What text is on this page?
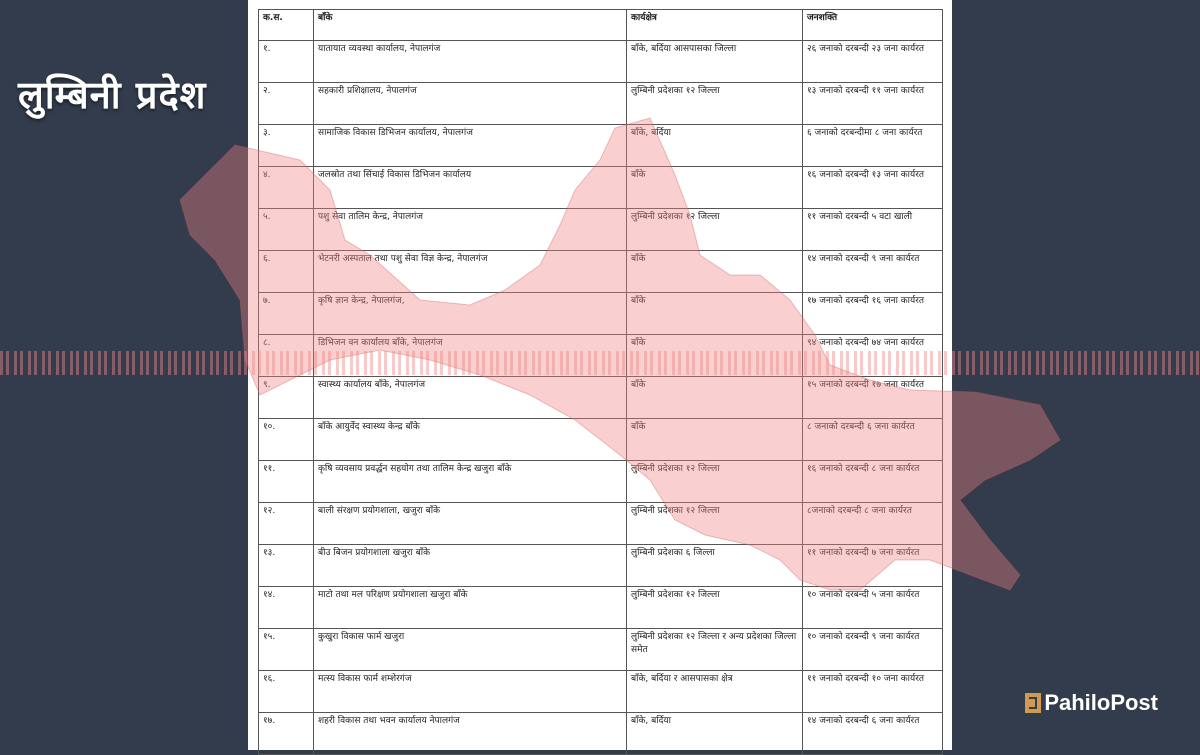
लुम्बिनी प्रदेश
क.स.	बाँके	कार्यक्षेत्र	जनशक्ति
१.	यातायात व्यवस्था कार्यालय, नेपालगंज	बाँके, बर्दिया आसपासका जिल्ला	२६ जनाको दरबन्दी २३ जना कार्यरत
२.	सहकारी प्रशिक्षालय, नेपालगंज	लुम्बिनी प्रदेशका १२ जिल्ला	१३ जनाको दरबन्दी ११ जना कार्यरत
३.	सामाजिक विकास डिभिजन कार्यालय, नेपालगंज	बाँके, बर्दिया	६ जनाको दरबन्दीमा ८ जना कार्यरत
४.	जलस्रोत तथा सिंचाई विकास डिभिजन कार्यालय	बाँके	१६ जनाको दरबन्दी १३ जना कार्यरत
५.	पशु सेवा तालिम केन्द्र, नेपालगंज	लुम्बिनी प्रदेशका १२ जिल्ला	११ जनाको दरबन्दी ५ वटा खाली
६.	भेटनरी अस्पताल तथा पशु सेवा विज्ञ केन्द्र, नेपालगंज	बाँके	१४ जनाको दरबन्दी ९ जना कार्यरत
७.	कृषि ज्ञान केन्द्र, नेपालगंज,	बाँके	१७ जनाको दरबन्दी १६ जना कार्यरत
८.	डिभिजन वन कार्यालय बाँके, नेपालगंज	बाँके	९४ जनाको दरबन्दी ७४ जना कार्यरत
९.	स्वास्थ्य कार्यालय बाँके, नेपालगंज	बाँके	१५ जनाको दरबन्दी १७ जना कार्यरत
१०.	बाँके आयुर्वेद स्वास्थ्य केन्द्र बाँके	बाँके	८ जनाको दरबन्दी ६ जना कार्यरत
११.	कृषि व्यवसाय प्रवर्द्धन सहयोग तथा तालिम केन्द्र खजुरा बाँके	लुम्बिनी प्रदेशका १२ जिल्ला	१६ जनाको दरबन्दी ८ जना कार्यरत
१२.	बाली संरक्षण प्रयोगशाला, खजुरा बाँके	लुम्बिनी प्रदेशका १२ जिल्ला	८जनाको दरबन्दी ८ जना कार्यरत
१३.	बीउ बिजन प्रयोगशाला खजुरा बाँके	लुम्बिनी प्रदेशका ६ जिल्ला	११ जनाको दरबन्दी ७ जना कार्यरत
१४.	माटो तथा मल परिक्षण प्रयोगशाला खजुरा बाँके	लुम्बिनी प्रदेशका १२ जिल्ला	१० जनाको दरबन्दी ५ जना कार्यरत
१५.	कुखुरा विकास फार्म खजुरा	लुम्बिनी प्रदेशका १२ जिल्ला र अन्य प्रदेशका जिल्ला समेत	१० जनाको दरबन्दी ९ जना कार्यरत
१६.	मत्स्य विकास फार्म शम्शेरगंज	बाँके, बर्दिया र आसपासका क्षेत्र	११ जनाको दरबन्दी १० जना कार्यरत
१७.	शहरी विकास तथा भवन कार्यालय नेपालगंज	बाँके, बर्दिया	१४ जनाको दरबन्दी ६ जना कार्यरत
PahiloPost
